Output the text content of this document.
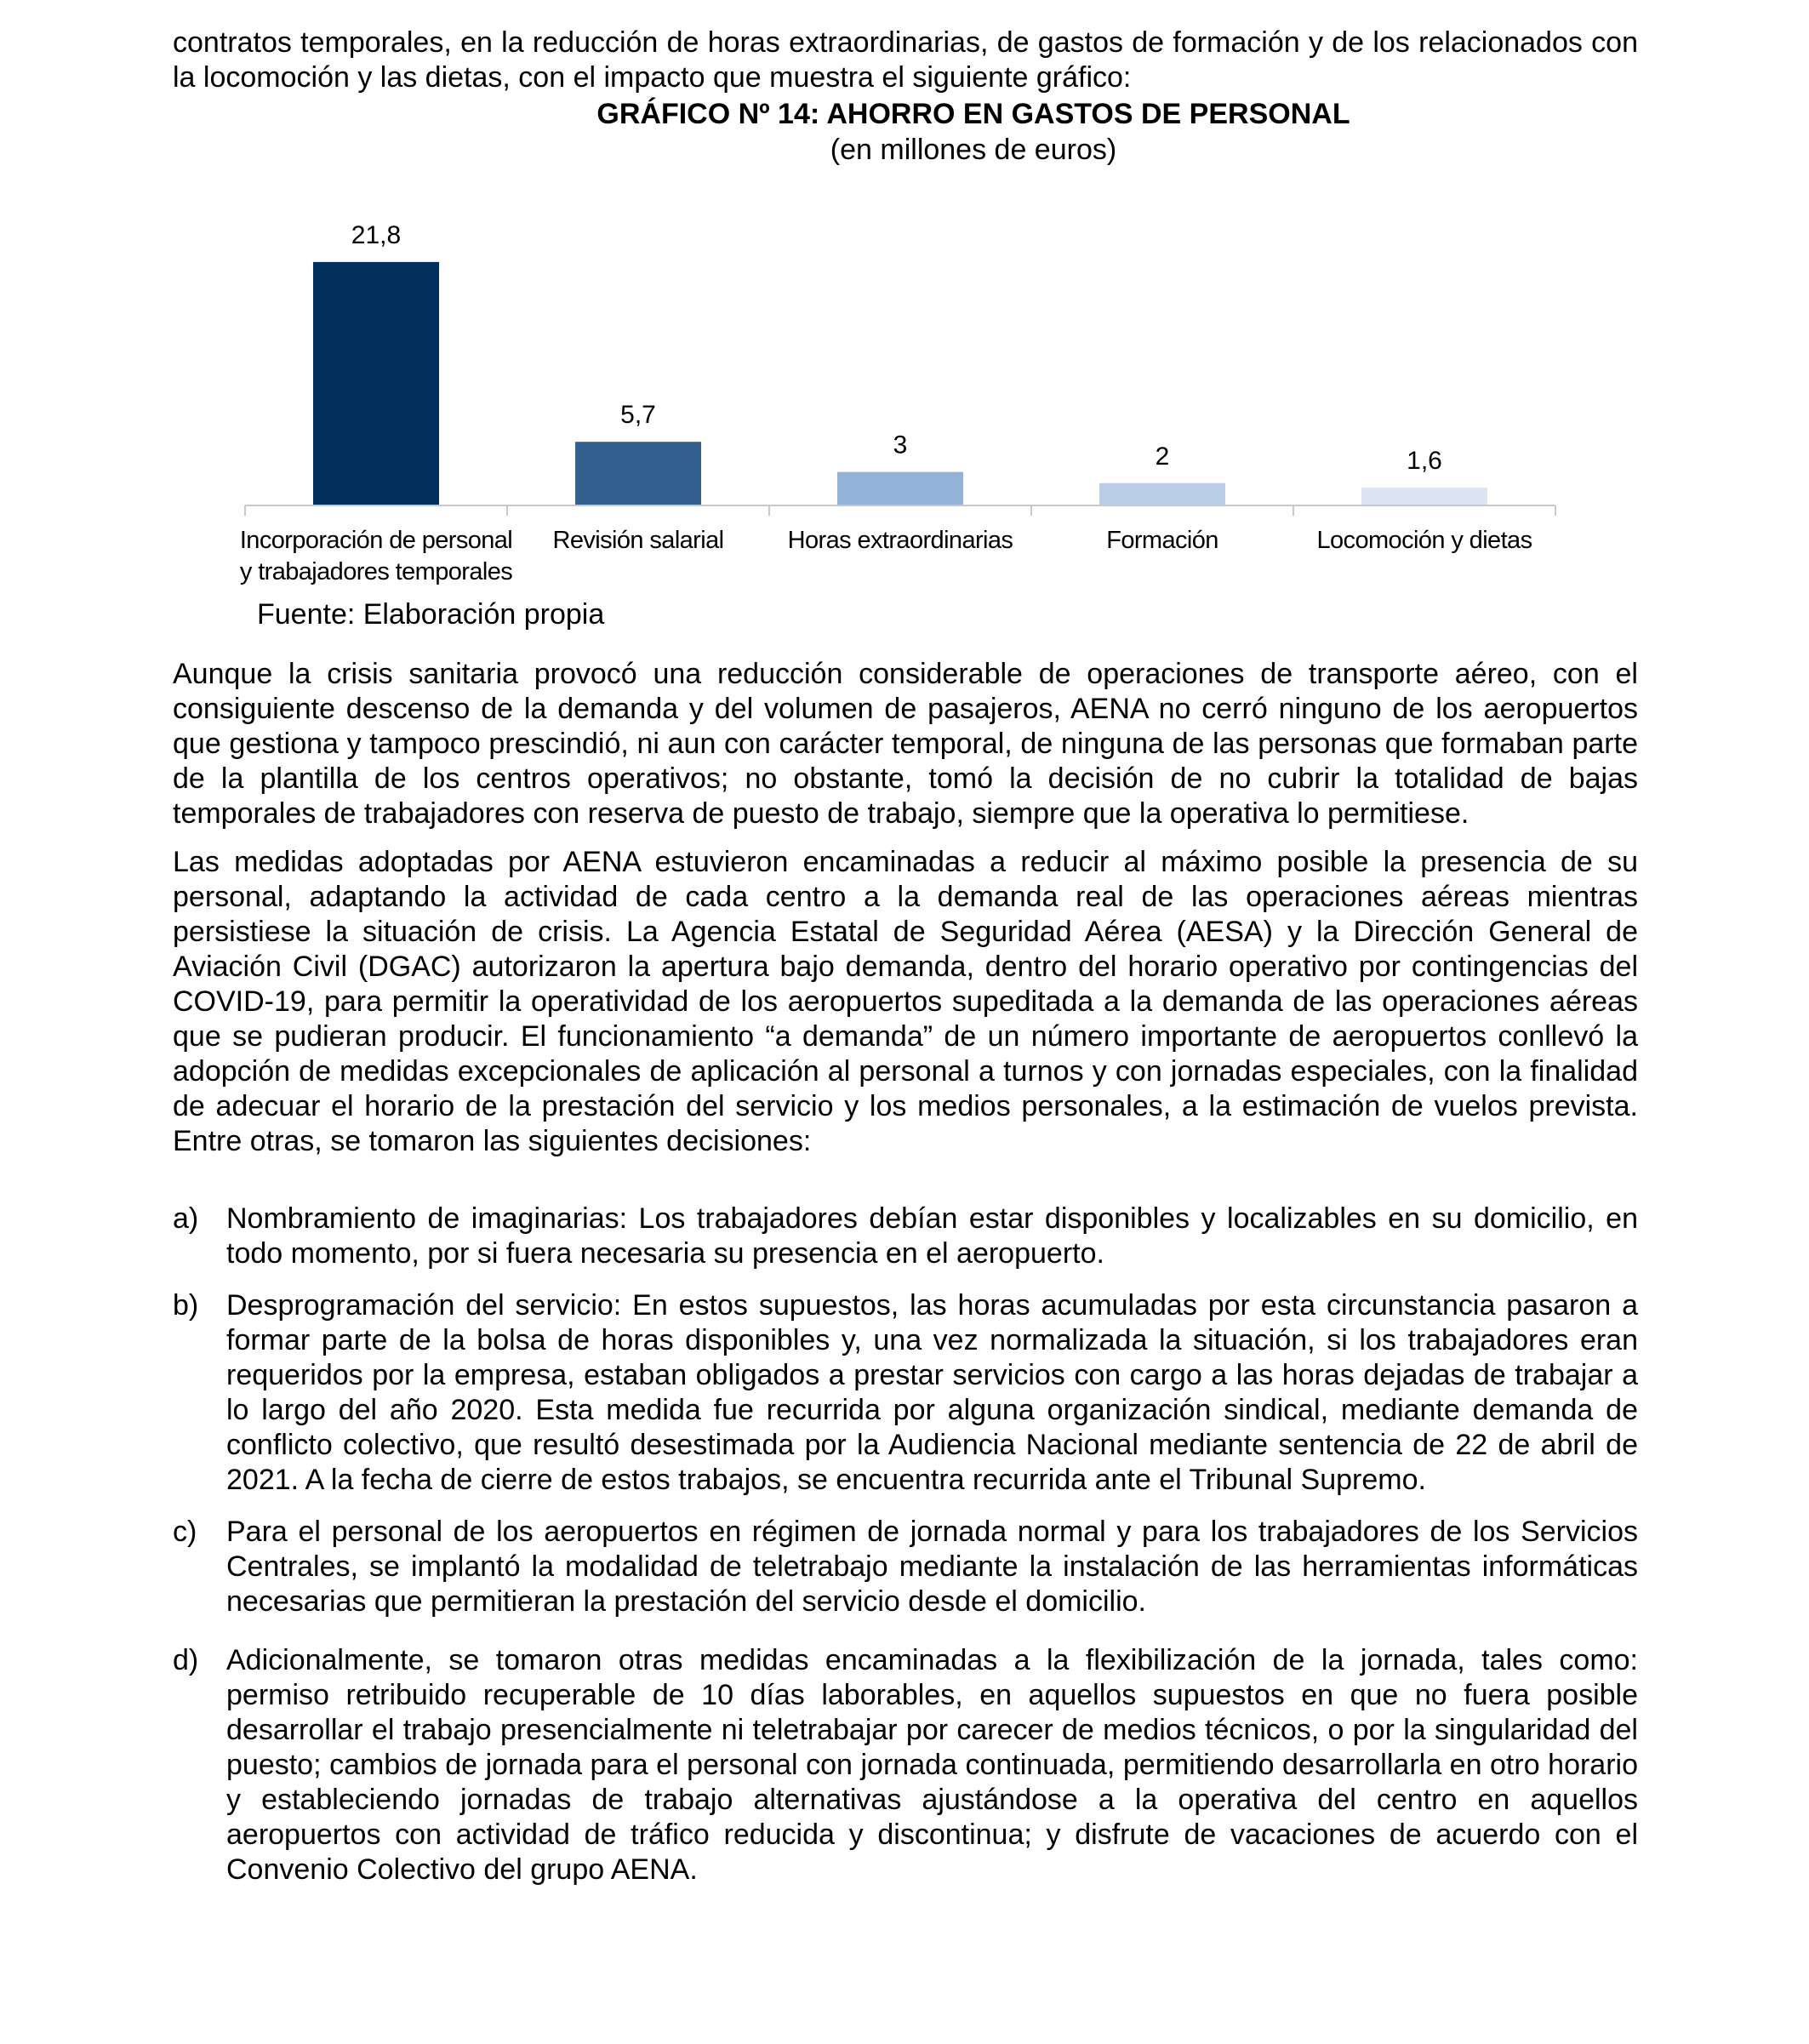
contratos temporales, en la reducción de horas extraordinarias, de gastos de formación y de los relacionados con la locomoción y las dietas, con el impacto que muestra el siguiente gráfico:

GRÁFICO Nº 14: AHORRO EN GASTOS DE PERSONAL

(en millones de euros)

21,8
Incorporación de personal
y trabajadores temporales
5,7
Revisión salarial
3
Horas extraordinarias
2
Formación
1,6
Locomoción y dietas

Fuente: Elaboración propia

Aunque la crisis sanitaria provocó una reducción considerable de operaciones de transporte aéreo, con el consiguiente descenso de la demanda y del volumen de pasajeros, AENA no cerró ninguno de los aeropuertos que gestiona y tampoco prescindió, ni aun con carácter temporal, de ninguna de las personas que formaban parte de la plantilla de los centros operativos; no obstante, tomó la decisión de no cubrir la totalidad de bajas temporales de trabajadores con reserva de puesto de trabajo, siempre que la operativa lo permitiese.

Las medidas adoptadas por AENA estuvieron encaminadas a reducir al máximo posible la presencia de su personal, adaptando la actividad de cada centro a la demanda real de las operaciones aéreas mientras persistiese la situación de crisis. La Agencia Estatal de Seguridad Aérea (AESA) y la Dirección General de Aviación Civil (DGAC) autorizaron la apertura bajo demanda, dentro del horario operativo por contingencias del COVID-19, para permitir la operatividad de los aeropuertos supeditada a la demanda de las operaciones aéreas que se pudieran producir. El funcionamiento “a demanda” de un número importante de aeropuertos conllevó la adopción de medidas excepcionales de aplicación al personal a turnos y con jornadas especiales, con la finalidad de adecuar el horario de la prestación del servicio y los medios personales, a la estimación de vuelos prevista. Entre otras, se tomaron las siguientes decisiones:

a) Nombramiento de imaginarias: Los trabajadores debían estar disponibles y localizables en su domicilio, en todo momento, por si fuera necesaria su presencia en el aeropuerto.

b) Desprogramación del servicio: En estos supuestos, las horas acumuladas por esta circunstancia pasaron a formar parte de la bolsa de horas disponibles y, una vez normalizada la situación, si los trabajadores eran requeridos por la empresa, estaban obligados a prestar servicios con cargo a las horas dejadas de trabajar a lo largo del año 2020. Esta medida fue recurrida por alguna organización sindical, mediante demanda de conflicto colectivo, que resultó desestimada por la Audiencia Nacional mediante sentencia de 22 de abril de 2021. A la fecha de cierre de estos trabajos, se encuentra recurrida ante el Tribunal Supremo.

c)	Para el personal de los aeropuertos en régimen de jornada normal y para los trabajadores de los Servicios Centrales, se implantó la modalidad de teletrabajo mediante la instalación de las herramientas informáticas necesarias que permitieran la prestación del servicio desde el domicilio.

d) Adicionalmente, se tomaron otras medidas encaminadas a la flexibilización de la jornada, tales como: permiso retribuido recuperable de 10 días laborables, en aquellos supuestos en que no fuera posible desarrollar el trabajo presencialmente ni teletrabajar por carecer de medios técnicos, o por la singularidad del puesto; cambios de jornada para el personal con jornada continuada, permitiendo desarrollarla en otro horario y estableciendo jornadas de trabajo alternativas ajustándose a la operativa del centro en aquellos aeropuertos con actividad de tráfico reducida y discontinua; y disfrute de vacaciones de acuerdo con el Convenio Colectivo del grupo AENA.
